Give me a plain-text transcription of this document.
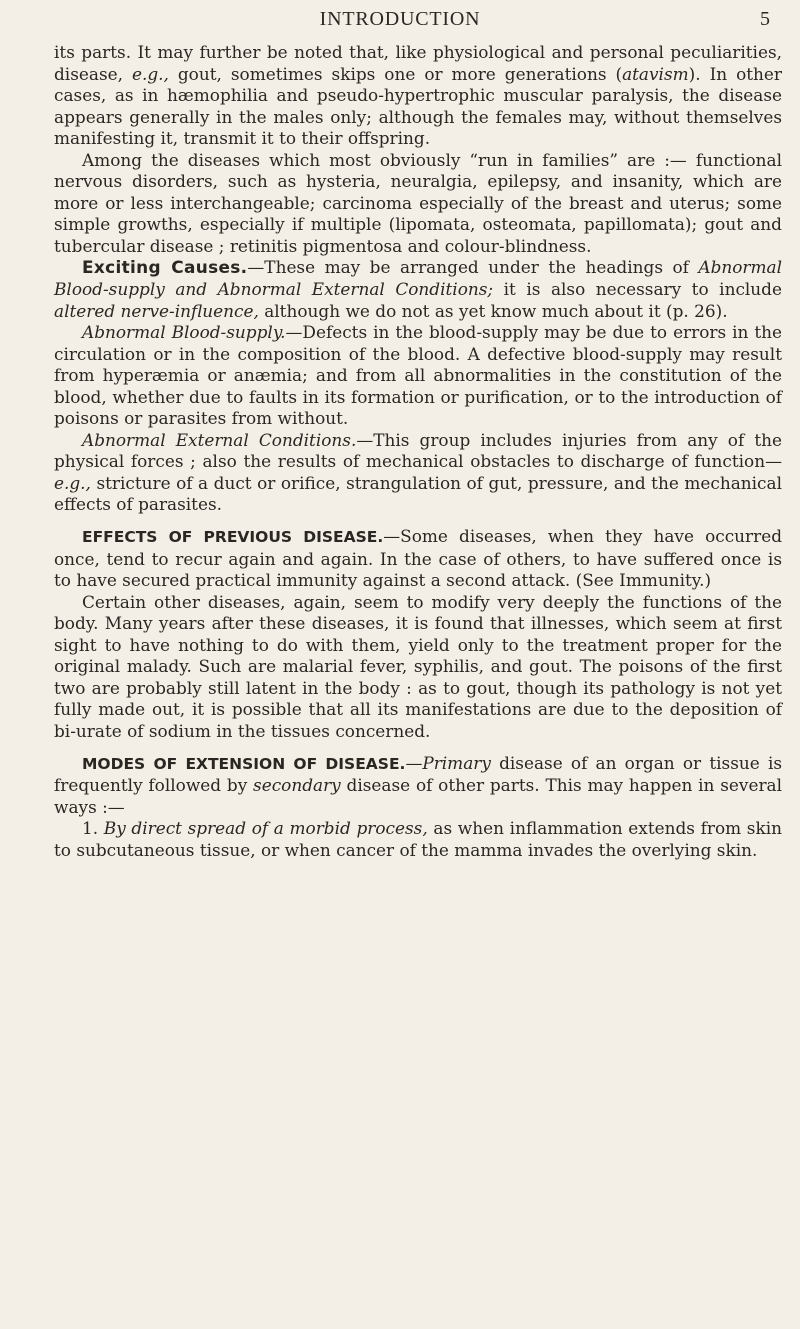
INTRODUCTION	5

its parts. It may further be noted that, like physiological and personal peculiarities, disease, e.g., gout, sometimes skips one or more generations (atavism). In other cases, as in hæmophilia and pseudo-hypertrophic muscular paralysis, the disease appears generally in the males only; although the females may, without themselves manifesting it, transmit it to their offspring.

Among the diseases which most obviously “run in families” are :— functional nervous disorders, such as hysteria, neuralgia, epilepsy, and insanity, which are more or less interchangeable; carcinoma especially of the breast and uterus; some simple growths, especially if multiple (lipomata, osteomata, papillomata); gout and tubercular disease ; retinitis pigmentosa and colour-blindness.

Exciting Causes.—These may be arranged under the headings of Abnormal Blood-supply and Abnormal External Conditions; it is also necessary to include altered nerve-influence, although we do not as yet know much about it (p. 26).

Abnormal Blood-supply.—Defects in the blood-supply may be due to errors in the circulation or in the composition of the blood. A defective blood-supply may result from hyperæmia or anæmia; and from all abnormalities in the constitution of the blood, whether due to faults in its formation or purification, or to the introduction of poisons or parasites from without.

Abnormal External Conditions.—This group includes injuries from any of the physical forces ; also the results of mechanical obstacles to discharge of function—e.g., stricture of a duct or orifice, strangulation of gut, pressure, and the mechanical effects of parasites.

EFFECTS OF PREVIOUS DISEASE.—Some diseases, when they have occurred once, tend to recur again and again. In the case of others, to have suffered once is to have secured practical immunity against a second attack. (See Immunity.)

Certain other diseases, again, seem to modify very deeply the functions of the body. Many years after these diseases, it is found that illnesses, which seem at first sight to have nothing to do with them, yield only to the treatment proper for the original malady. Such are malarial fever, syphilis, and gout. The poisons of the first two are probably still latent in the body : as to gout, though its pathology is not yet fully made out, it is possible that all its manifestations are due to the deposition of bi-urate of sodium in the tissues concerned.

MODES OF EXTENSION OF DISEASE.—Primary disease of an organ or tissue is frequently followed by secondary disease of other parts. This may happen in several ways :—

1. By direct spread of a morbid process, as when inflammation extends from skin to subcutaneous tissue, or when cancer of the mamma invades the overlying skin.
